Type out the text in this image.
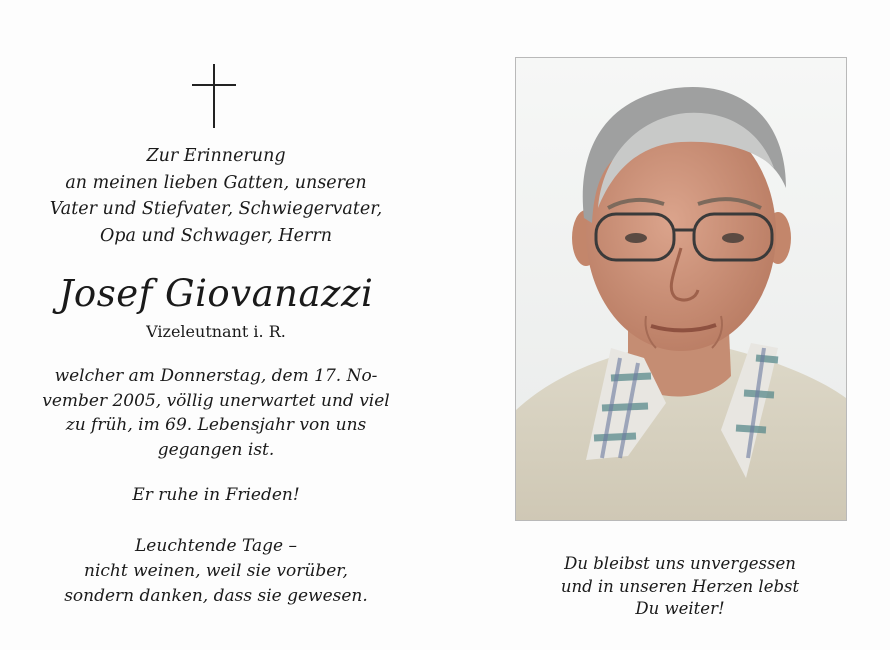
Zur Erinnerung
an meinen lieben Gatten, unseren
Vater und Stiefvater, Schwiegervater,
Opa und Schwager, Herrn
Josef Giovanazzi
Vizeleutnant i. R.
welcher am Donnerstag, dem 17. No-
vember 2005, völlig unerwartet und viel
zu früh, im 69. Lebensjahr von uns
gegangen ist.
Er ruhe in Frieden!
Leuchtende Tage –
nicht weinen, weil sie vorüber,
sondern danken, dass sie gewesen.
Du bleibst uns unvergessen
und in unseren Herzen lebst
Du weiter!
